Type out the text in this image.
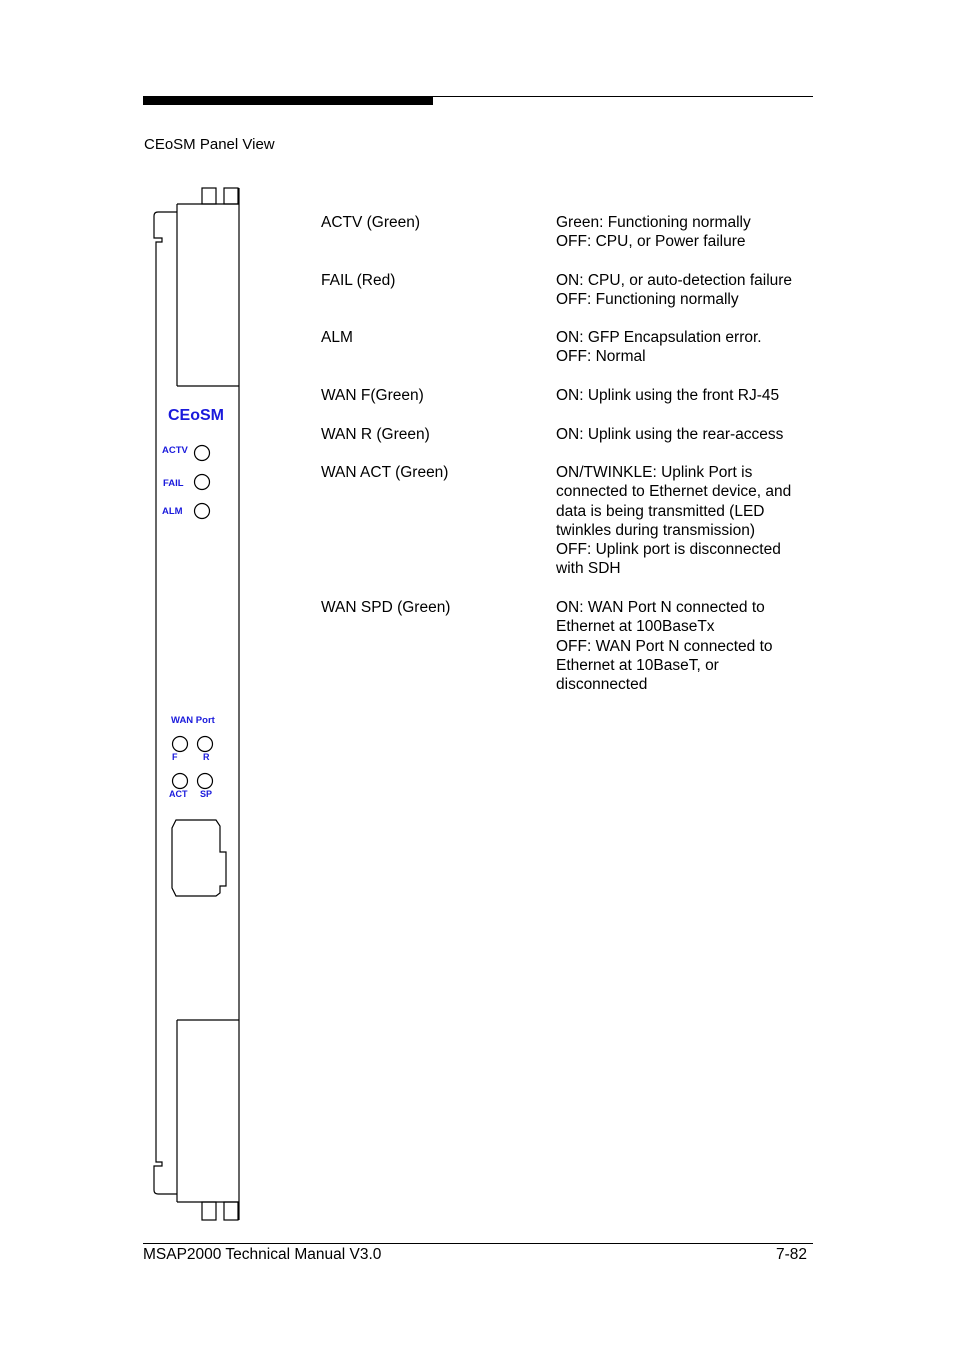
CEoSM Panel View
CEoSM
ACTV
FAIL
ALM
WAN Port
F	R
ACT SP
ACTV (Green)	Green: Functioning normally
OFF: CPU, or Power failure
FAIL (Red)	ON: CPU, or auto-detection failure
OFF: Functioning normally
ALM	ON: GFP Encapsulation error.
OFF: Normal
WAN F(Green)	ON: Uplink using the front RJ-45
WAN R (Green)	ON: Uplink using the rear-access
WAN ACT (Green)	ON/TWINKLE: Uplink Port is
connected to Ethernet device, and
data is being transmitted (LED
twinkles during transmission)
OFF: Uplink port is disconnected
with SDH
WAN SPD (Green)	ON: WAN Port N connected to
Ethernet at 100BaseTx
OFF: WAN Port N connected to
Ethernet at 10BaseT, or
disconnected
MSAP2000 Technical Manual V3.0	7-82
